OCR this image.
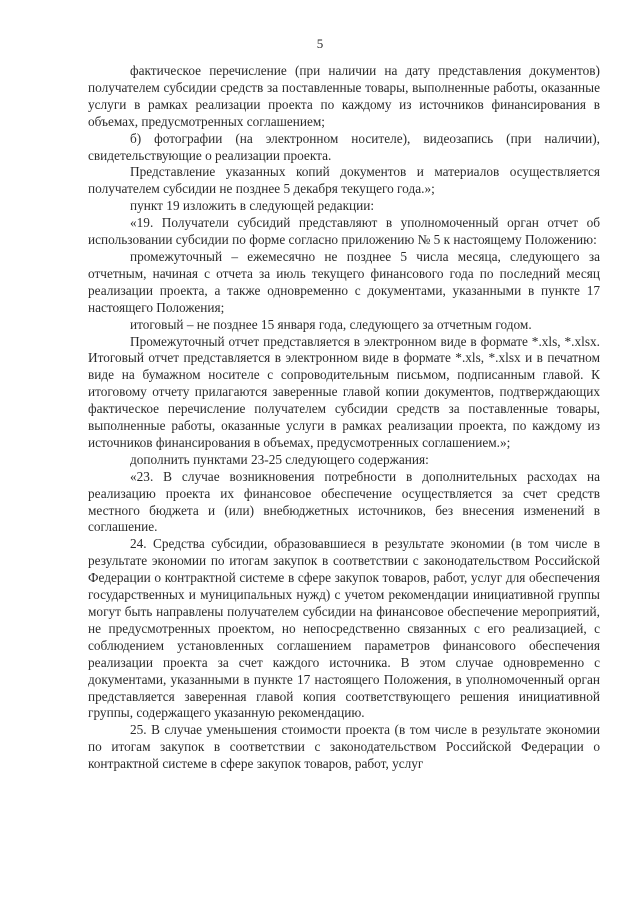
5

фактическое перечисление (при наличии на дату представления документов) получателем субсидии средств за поставленные товары, выполненные работы, оказанные услуги в рамках реализации проекта по каждому из источников финансирования в объемах, предусмотренных соглашением;

б) фотографии (на электронном носителе), видеозапись (при наличии), свидетельствующие о реализации проекта.

Представление указанных копий документов и материалов осуществляется получателем субсидии не позднее 5 декабря текущего года.»;

пункт 19 изложить в следующей редакции:

«19. Получатели субсидий представляют в уполномоченный орган отчет об использовании субсидии по форме согласно приложению № 5 к настоящему Положению:

промежуточный – ежемесячно не позднее 5 числа месяца, следующего за отчетным, начиная с отчета за июль текущего финансового года по последний месяц реализации проекта, а также одновременно с документами, указанными в пункте 17 настоящего Положения;

итоговый – не позднее 15 января года, следующего за отчетным годом.

Промежуточный отчет представляется в электронном виде в формате *.xls, *.xlsx. Итоговый отчет представляется в электронном виде в формате *.xls, *.xlsx и в печатном виде на бумажном носителе с сопроводительным письмом, подписанным главой. К итоговому отчету прилагаются заверенные главой копии документов, подтверждающих фактическое перечисление получателем субсидии средств за поставленные товары, выполненные работы, оказанные услуги в рамках реализации проекта, по каждому из источников финансирования в объемах, предусмотренных соглашением.»;

дополнить пунктами 23-25 следующего содержания:

«23. В случае возникновения потребности в дополнительных расходах на реализацию проекта их финансовое обеспечение осуществляется за счет средств местного бюджета и (или) внебюджетных источников, без внесения изменений в соглашение.

24. Средства субсидии, образовавшиеся в результате экономии (в том числе в результате экономии по итогам закупок в соответствии с законодательством Российской Федерации о контрактной системе в сфере закупок товаров, работ, услуг для обеспечения государственных и муниципальных нужд) с учетом рекомендации инициативной группы могут быть направлены получателем субсидии на финансовое обеспечение мероприятий, не предусмотренных проектом, но непосредственно связанных с его реализацией, с соблюдением установленных соглашением параметров финансового обеспечения реализации проекта за счет каждого источника. В этом случае одновременно с документами, указанными в пункте 17 настоящего Положения, в уполномоченный орган представляется заверенная главой копия соответствующего решения инициативной группы, содержащего указанную рекомендацию.

25. В случае уменьшения стоимости проекта (в том числе в результате экономии по итогам закупок в соответствии с законодательством Российской Федерации о контрактной системе в сфере закупок товаров, работ, услуг
